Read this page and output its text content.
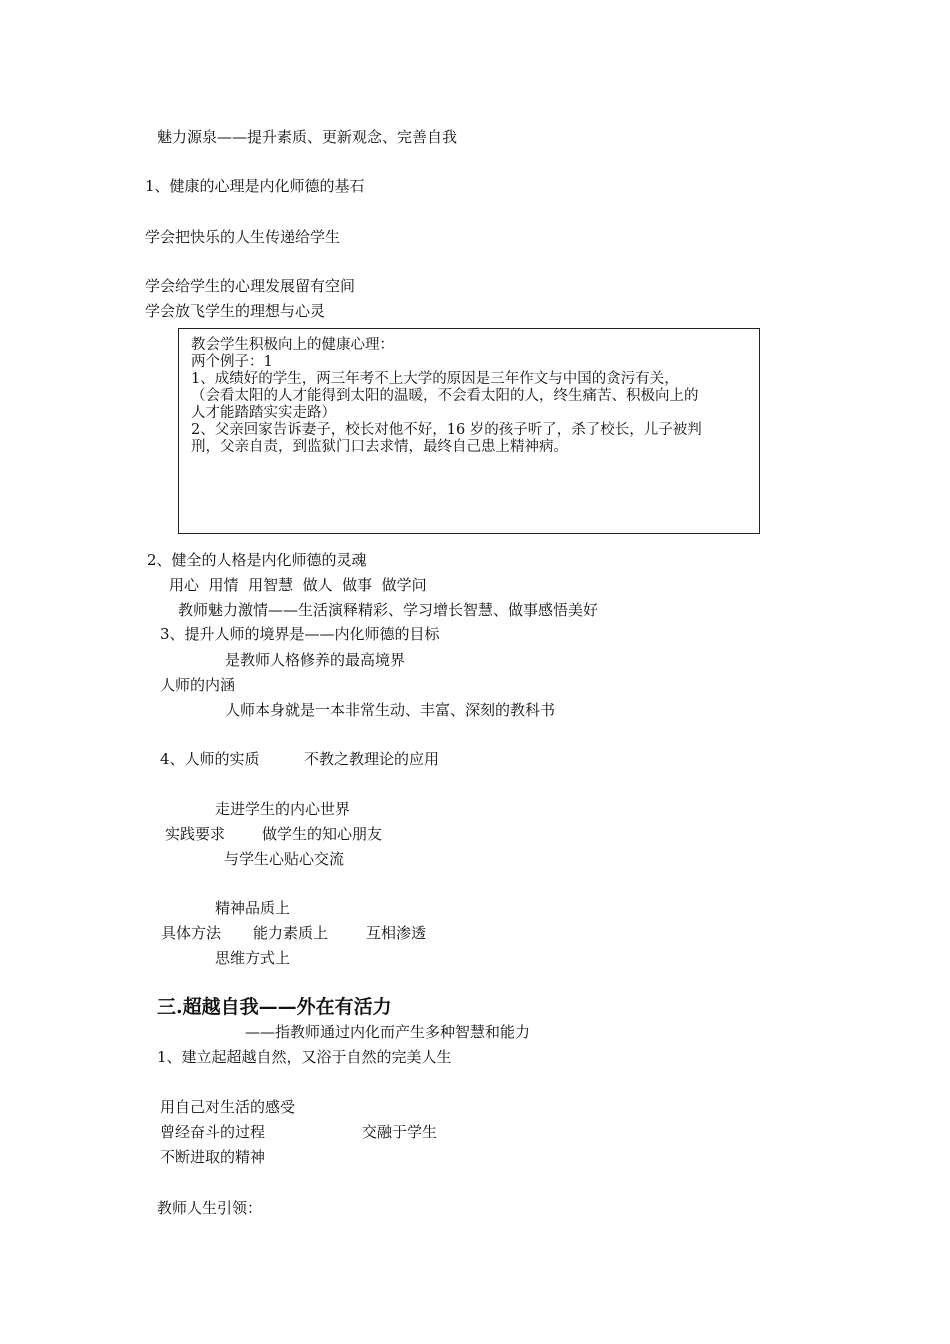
魅力源泉——提升素质、更新观念、完善自我
1、健康的心理是内化师德的基石
学会把快乐的人生传递给学生
学会给学生的心理发展留有空间
学会放飞学生的理想与心灵
教会学生积极向上的健康心理：
两个例子：1
1、成绩好的学生，两三年考不上大学的原因是三年作文与中国的贪污有关，
（会看太阳的人才能得到太阳的温暖，不会看太阳的人，终生痛苦、积极向上的
人才能踏踏实实走路）
2、父亲回家告诉妻子，校长对他不好，16 岁的孩子听了，杀了校长，儿子被判
刑，父亲自责，到监狱门口去求情，最终自己患上精神病。
2、健全的人格是内化师德的灵魂
用心  用情  用智慧  做人  做事  做学问
教师魅力激情——生活演释精彩、学习增长智慧、做事感悟美好
3、提升人师的境界是——内化师德的目标
是教师人格修养的最高境界
人师的内涵
人师本身就是一本非常生动、丰富、深刻的教科书
4、人师的实质	不教之教理论的应用
走进学生的内心世界
实践要求 做学生的知心朋友
与学生心贴心交流
精神品质上
具体方法 能力素质上	互相渗透
思维方式上
三.超越自我——外在有活力
——指教师通过内化而产生多种智慧和能力
1、建立起超越自然，又浴于自然的完美人生
用自己对生活的感受
曾经奋斗的过程	交融于学生
不断进取的精神
教师人生引领：
